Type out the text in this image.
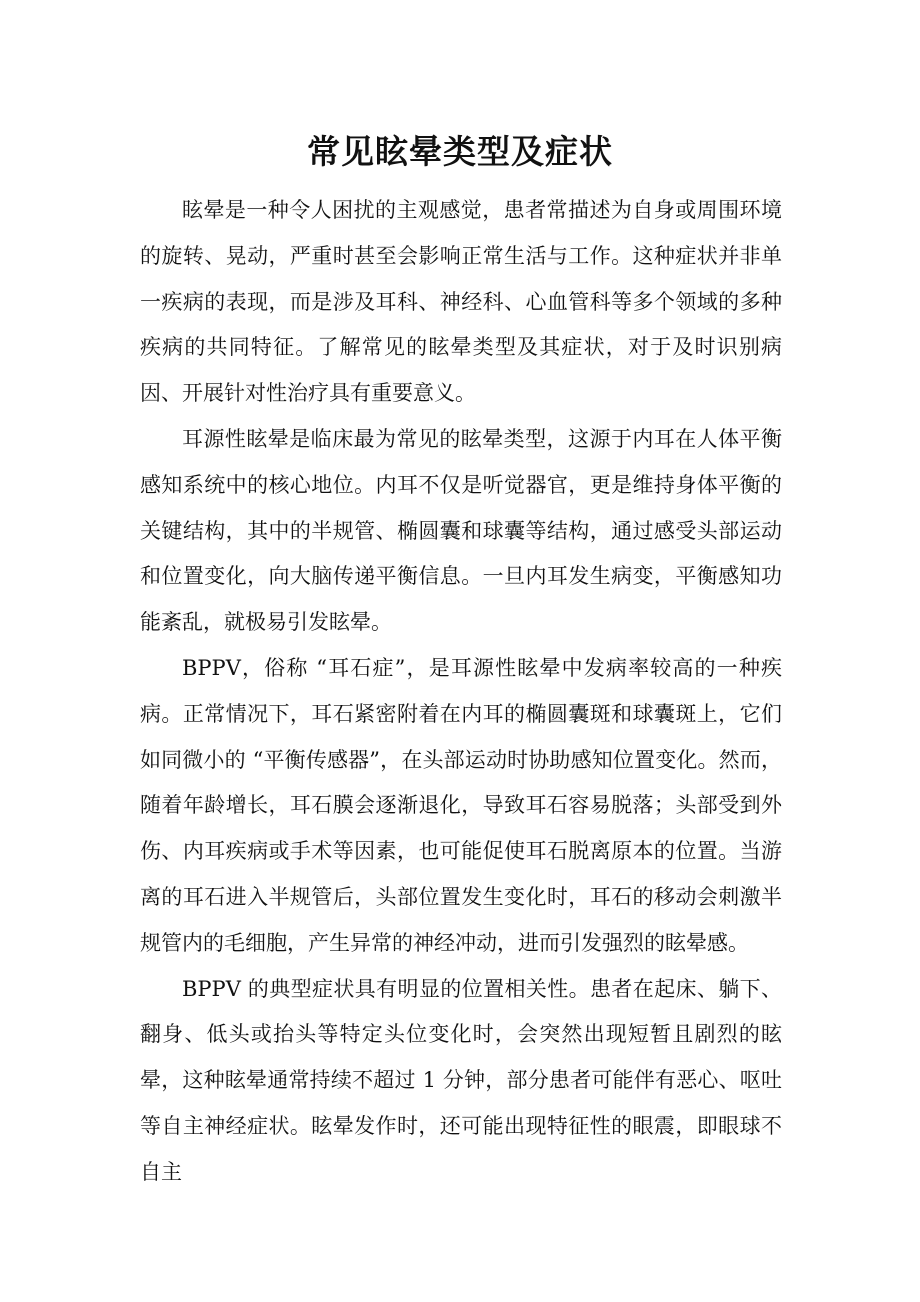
常见眩晕类型及症状

眩晕是一种令人困扰的主观感觉，患者常描述为自身或周围环境的旋转、晃动，严重时甚至会影响正常生活与工作。这种症状并非单一疾病的表现，而是涉及耳科、神经科、心血管科等多个领域的多种疾病的共同特征。了解常见的眩晕类型及其症状，对于及时识别病因、开展针对性治疗具有重要意义。

耳源性眩晕是临床最为常见的眩晕类型，这源于内耳在人体平衡感知系统中的核心地位。内耳不仅是听觉器官，更是维持身体平衡的关键结构，其中的半规管、椭圆囊和球囊等结构，通过感受头部运动和位置变化，向大脑传递平衡信息。一旦内耳发生病变，平衡感知功能紊乱，就极易引发眩晕。

BPPV，俗称 “耳石症”，是耳源性眩晕中发病率较高的一种疾病。正常情况下，耳石紧密附着在内耳的椭圆囊斑和球囊斑上，它们如同微小的 “平衡传感器”，在头部运动时协助感知位置变化。然而，随着年龄增长，耳石膜会逐渐退化，导致耳石容易脱落；头部受到外伤、内耳疾病或手术等因素，也可能促使耳石脱离原本的位置。当游离的耳石进入半规管后，头部位置发生变化时，耳石的移动会刺激半规管内的毛细胞，产生异常的神经冲动，进而引发强烈的眩晕感。

BPPV 的典型症状具有明显的位置相关性。患者在起床、躺下、翻身、低头或抬头等特定头位变化时，会突然出现短暂且剧烈的眩晕，这种眩晕通常持续不超过 1 分钟，部分患者可能伴有恶心、呕吐等自主神经症状。眩晕发作时，还可能出现特征性的眼震，即眼球不自主
